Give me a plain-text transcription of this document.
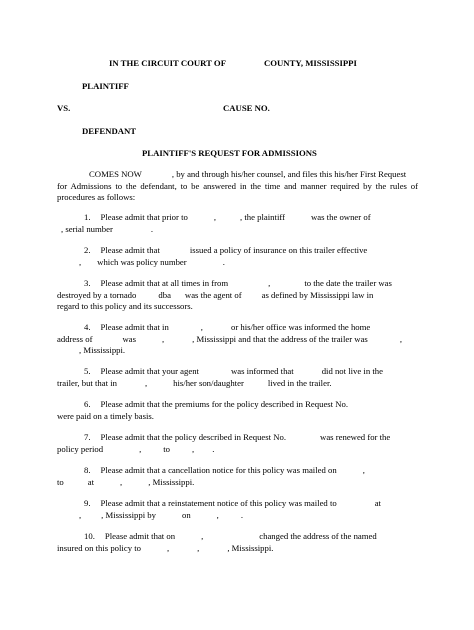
IN THE CIRCUIT COURT OF	COUNTY, MISSISSIPPI
PLAINTIFF
VS.	CAUSE NO.
DEFENDANT
PLAINTIFF'S REQUEST FOR ADMISSIONS
COMES NOW	, by and through his/her counsel, and files this his/her First Request
for Admissions to the defendant, to be answered in the time and manner required by the rules of
procedures as follows:
1. Please admit that prior to	,	, the plaintiff	was the owner of
, serial number	.
2. Please admit that	issued a policy of insurance on this trailer effective
, which was policy number	.
3. Please admit that at all times in from	,	to the date the trailer was
destroyed by a tornado	dba was the agent of as defined by Mississippi law in
regard to this policy and its successors.
4. Please admit that in	,	or his/her office was informed the home
address of	was	,	, Mississippi and that the address of the trailer was	,
, Mississippi.
5. Please admit that your agent	was informed that	did not live in the
trailer, but that in	,	his/her son/daughter	lived in the trailer.
6. Please admit that the premiums for the policy described in Request No.
were paid on a timely basis.
7. Please admit that the policy described in Request No.	was renewed for the
policy period	,	to	, .
8. Please admit that a cancellation notice for this policy was mailed on	,
to	at	,	, Mississippi.
9. Please admit that a reinstatement notice of this policy was mailed to	at
, , Mississippi by	on	,	.
10. Please admit that on	,	changed the address of the named
insured on this policy to	,	,	, Mississippi.
